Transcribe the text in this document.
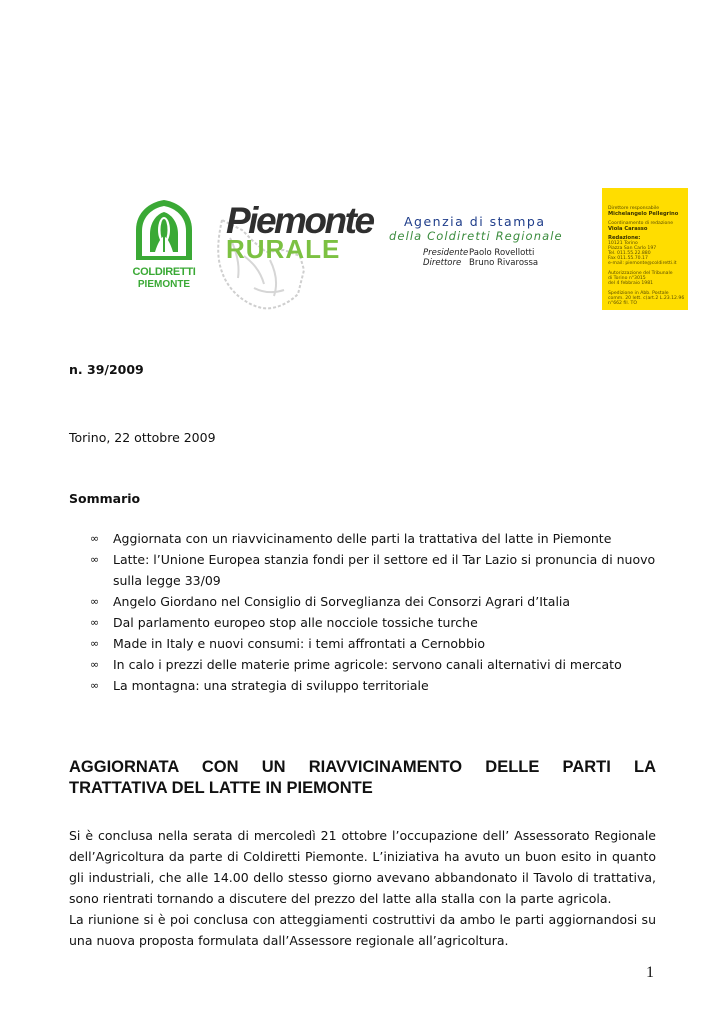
COLDIRETTI
PIEMONTE
Piemonte
RURALE
Agenzia di stampa
della Coldiretti Regionale
PresidentePaolo Rovellotti
Direttore Bruno Rivarossa
Direttore responsabile
Michelangelo Pellegrino
Coordinamento di redazione
Viola Carasso
Redazione:
10121 Torino
Piazza San Carlo 197
Tel. 011.55.22.880
Fax 011.55.70.17
e-mail: piemonte@coldiretti.it
Autorizzazione del Tribunale
di Torino n°3015
del 4 febbraio 1981
Spedizione in Abb. Postale
comm. 20 lett. c)art.2 L.23.12.96
n°662 fil. TO
n. 39/2009
Torino, 22 ottobre 2009
Sommario
∞ Aggiornata con un riavvicinamento delle parti la trattativa del latte in Piemonte
∞ Latte: l’Unione Europea stanzia fondi per il settore ed il Tar Lazio si pronuncia di nuovo sulla legge 33/09
∞ Angelo Giordano nel Consiglio di Sorveglianza dei Consorzi Agrari d’Italia
∞ Dal parlamento europeo stop alle nocciole tossiche turche
∞ Made in Italy e nuovi consumi: i temi affrontati a Cernobbio
∞ In calo i prezzi delle materie prime agricole: servono canali alternativi di mercato
∞ La montagna: una strategia di sviluppo territoriale
AGGIORNATA CON UN RIAVVICINAMENTO DELLE PARTI LA
TRATTATIVA DEL LATTE IN PIEMONTE

Si è conclusa nella serata di mercoledì 21 ottobre l’occupazione dell’ Assessorato Regionale dell’Agricoltura da parte di Coldiretti Piemonte. L’iniziativa ha avuto un buon esito in quanto gli industriali, che alle 14.00 dello stesso giorno avevano abbandonato il Tavolo di trattativa, sono rientrati tornando a discutere del prezzo del latte alla stalla con la parte agricola.

La riunione si è poi conclusa con atteggiamenti costruttivi da ambo le parti aggiornandosi su una nuova proposta formulata dall’Assessore regionale all’agricoltura.

1
